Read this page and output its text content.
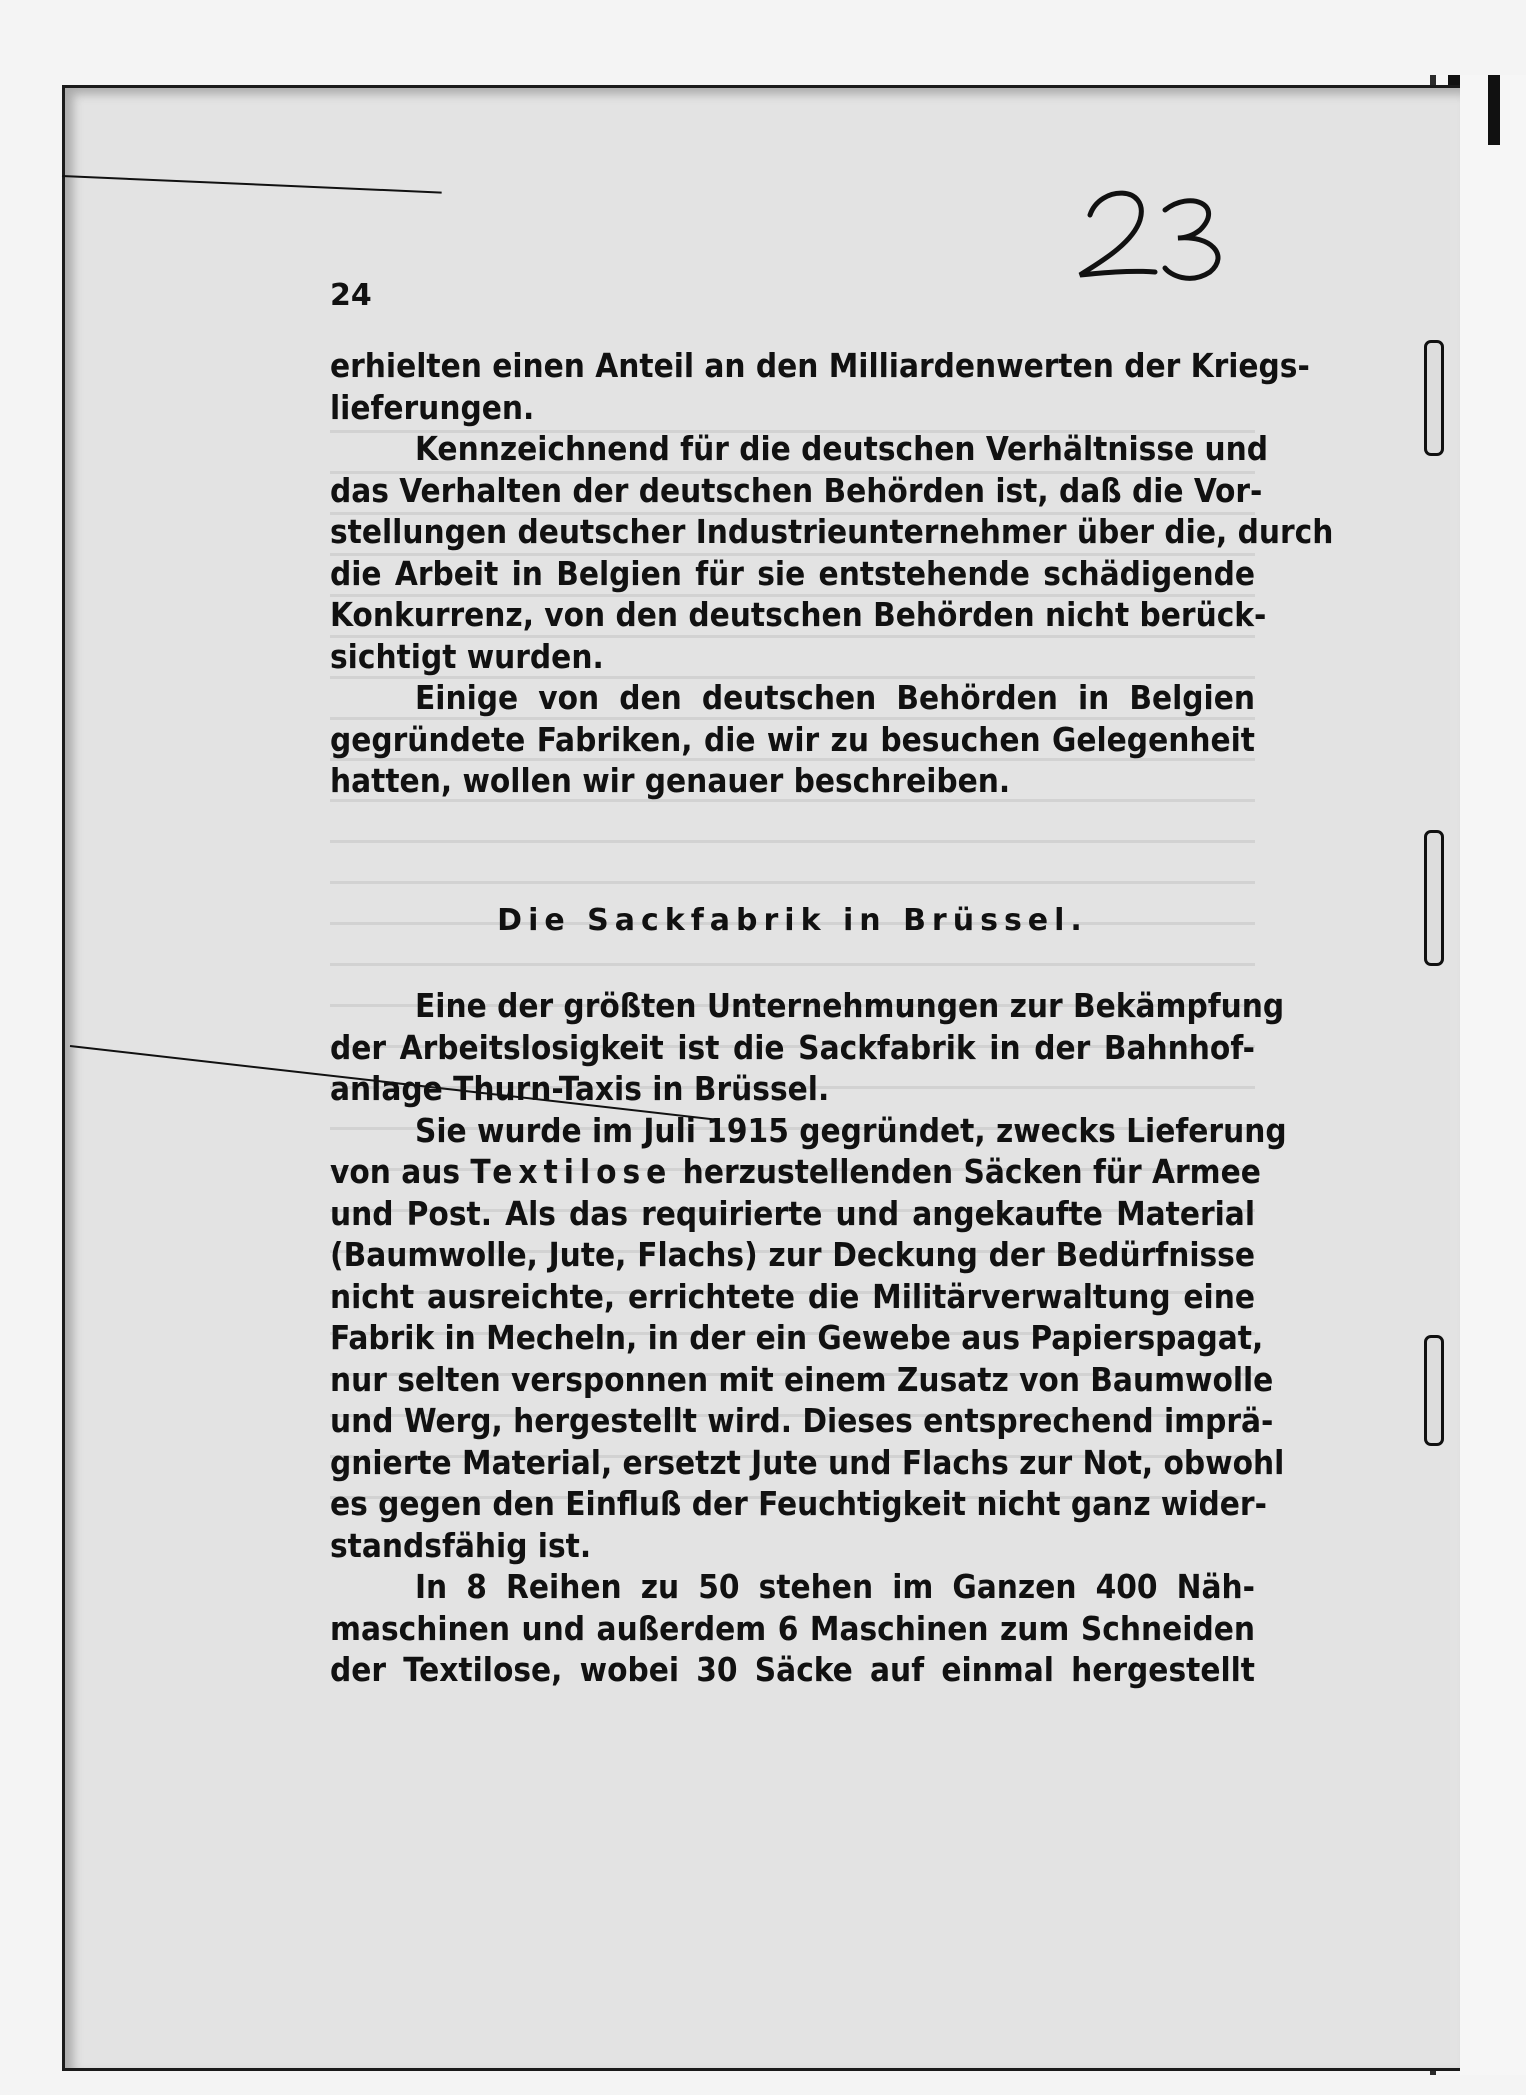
24
erhielten einen Anteil an den Milliardenwerten der Kriegs-
lieferungen.
Kennzeichnend für die deutschen Verhältnisse und
das Verhalten der deutschen Behörden ist, daß die Vor-
stellungen deutscher Industrieunternehmer über die, durch
die Arbeit in Belgien für sie entstehende schädigende
Konkurrenz, von den deutschen Behörden nicht berück-
sichtigt wurden.
Einige von den deutschen Behörden in Belgien
gegründete Fabriken, die wir zu besuchen Gelegenheit
hatten, wollen wir genauer beschreiben.
Die Sackfabrik in Brüssel.
Eine der größten Unternehmungen zur Bekämpfung
der Arbeitslosigkeit ist die Sackfabrik in der Bahnhof-
anlage Thurn-Taxis in Brüssel.
Sie wurde im Juli 1915 gegründet, zwecks Lieferung
von aus Textilose herzustellenden Säcken für Armee
und Post. Als das requirierte und angekaufte Material
(Baumwolle, Jute, Flachs) zur Deckung der Bedürfnisse
nicht ausreichte, errichtete die Militärverwaltung eine
Fabrik in Mecheln, in der ein Gewebe aus Papierspagat,
nur selten versponnen mit einem Zusatz von Baumwolle
und Werg, hergestellt wird. Dieses entsprechend imprä-
gnierte Material, ersetzt Jute und Flachs zur Not, obwohl
es gegen den Einfluß der Feuchtigkeit nicht ganz wider-
standsfähig ist.
In 8 Reihen zu 50 stehen im Ganzen 400 Näh-
maschinen und außerdem 6 Maschinen zum Schneiden
der Textilose, wobei 30 Säcke auf einmal hergestellt
